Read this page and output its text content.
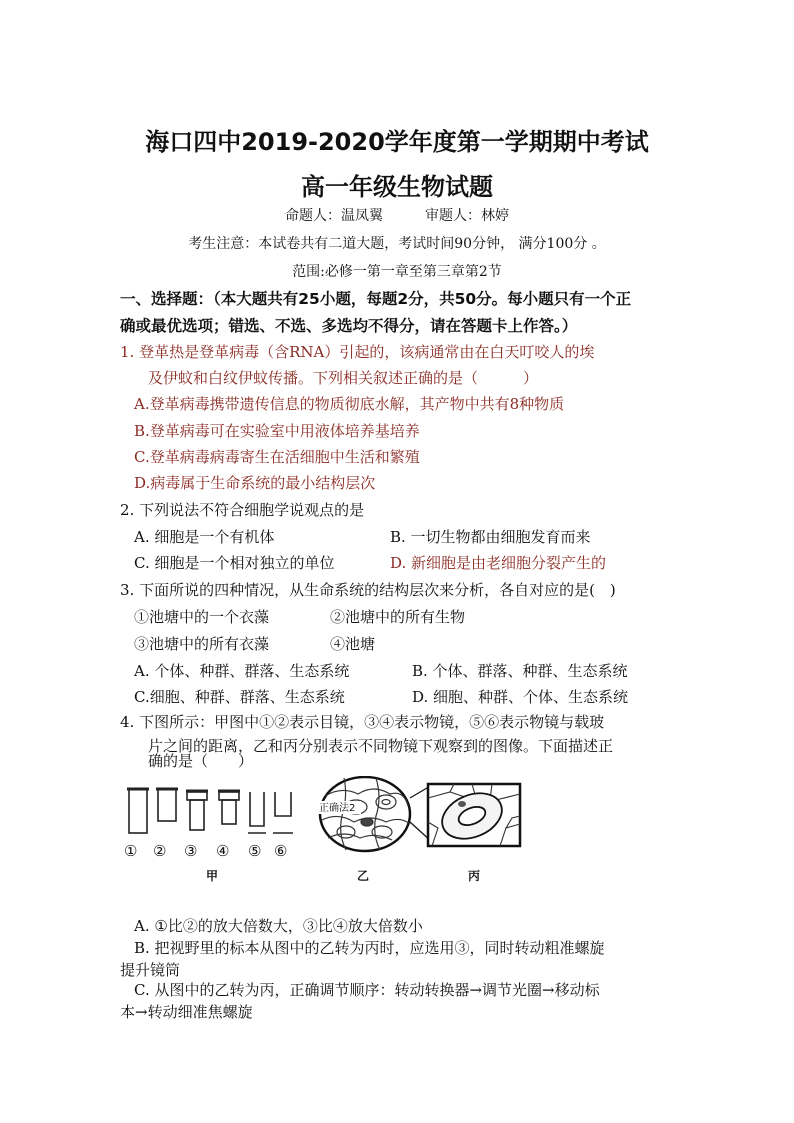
海口四中2019-2020学年度第一学期期中考试
高一年级生物试题
命题人：温凤翼　　　审题人：林婷
考生注意：本试卷共有二道大题，考试时间90分钟， 满分100分 。
范围:必修一第一章至第三章第2节
一、选择题：（本大题共有25小题，每题2分，共50分。每小题只有一个正
确或最优选项；错选、不选、多选均不得分，请在答题卡上作答。）
1. 登革热是登革病毒（含RNA）引起的，该病通常由在白天叮咬人的埃
及伊蚊和白纹伊蚊传播。下列相关叙述正确的是（　　　）
A.登革病毒携带遗传信息的物质彻底水解，其产物中共有8种物质
B.登革病毒可在实验室中用液体培养基培养
C.登革病毒病毒寄生在活细胞中生活和繁殖
D.病毒属于生命系统的最小结构层次
2. 下列说法不符合细胞学说观点的是
A. 细胞是一个有机体	B. 一切生物都由细胞发育而来
C. 细胞是一个相对独立的单位	D. 新细胞是由老细胞分裂产生的
3. 下面所说的四种情况，从生命系统的结构层次来分析，各自对应的是(　)
①池塘中的一个衣藻	②池塘中的所有生物
③池塘中的所有衣藻	④池塘
A. 个体、种群、群落、生态系统	B. 个体、群落、种群、生态系统
C.细胞、种群、群落、生态系统	D. 细胞、种群、个体、生态系统
4. 下图所示：甲图中①②表示目镜，③④表示物镜，⑤⑥表示物镜与载玻
片之间的距离，乙和丙分别表示不同物镜下观察到的图像。下面描述正
确的是（　　）
正确法2
① ② ③ ④ ⑤ ⑥
甲	乙	丙
A. ①比②的放大倍数大，③比④放大倍数小
B. 把视野里的标本从图中的乙转为丙时，应选用③，同时转动粗准螺旋
提升镜筒
C. 从图中的乙转为丙，正确调节顺序：转动转换器→调节光圈→移动标
本→转动细准焦螺旋
